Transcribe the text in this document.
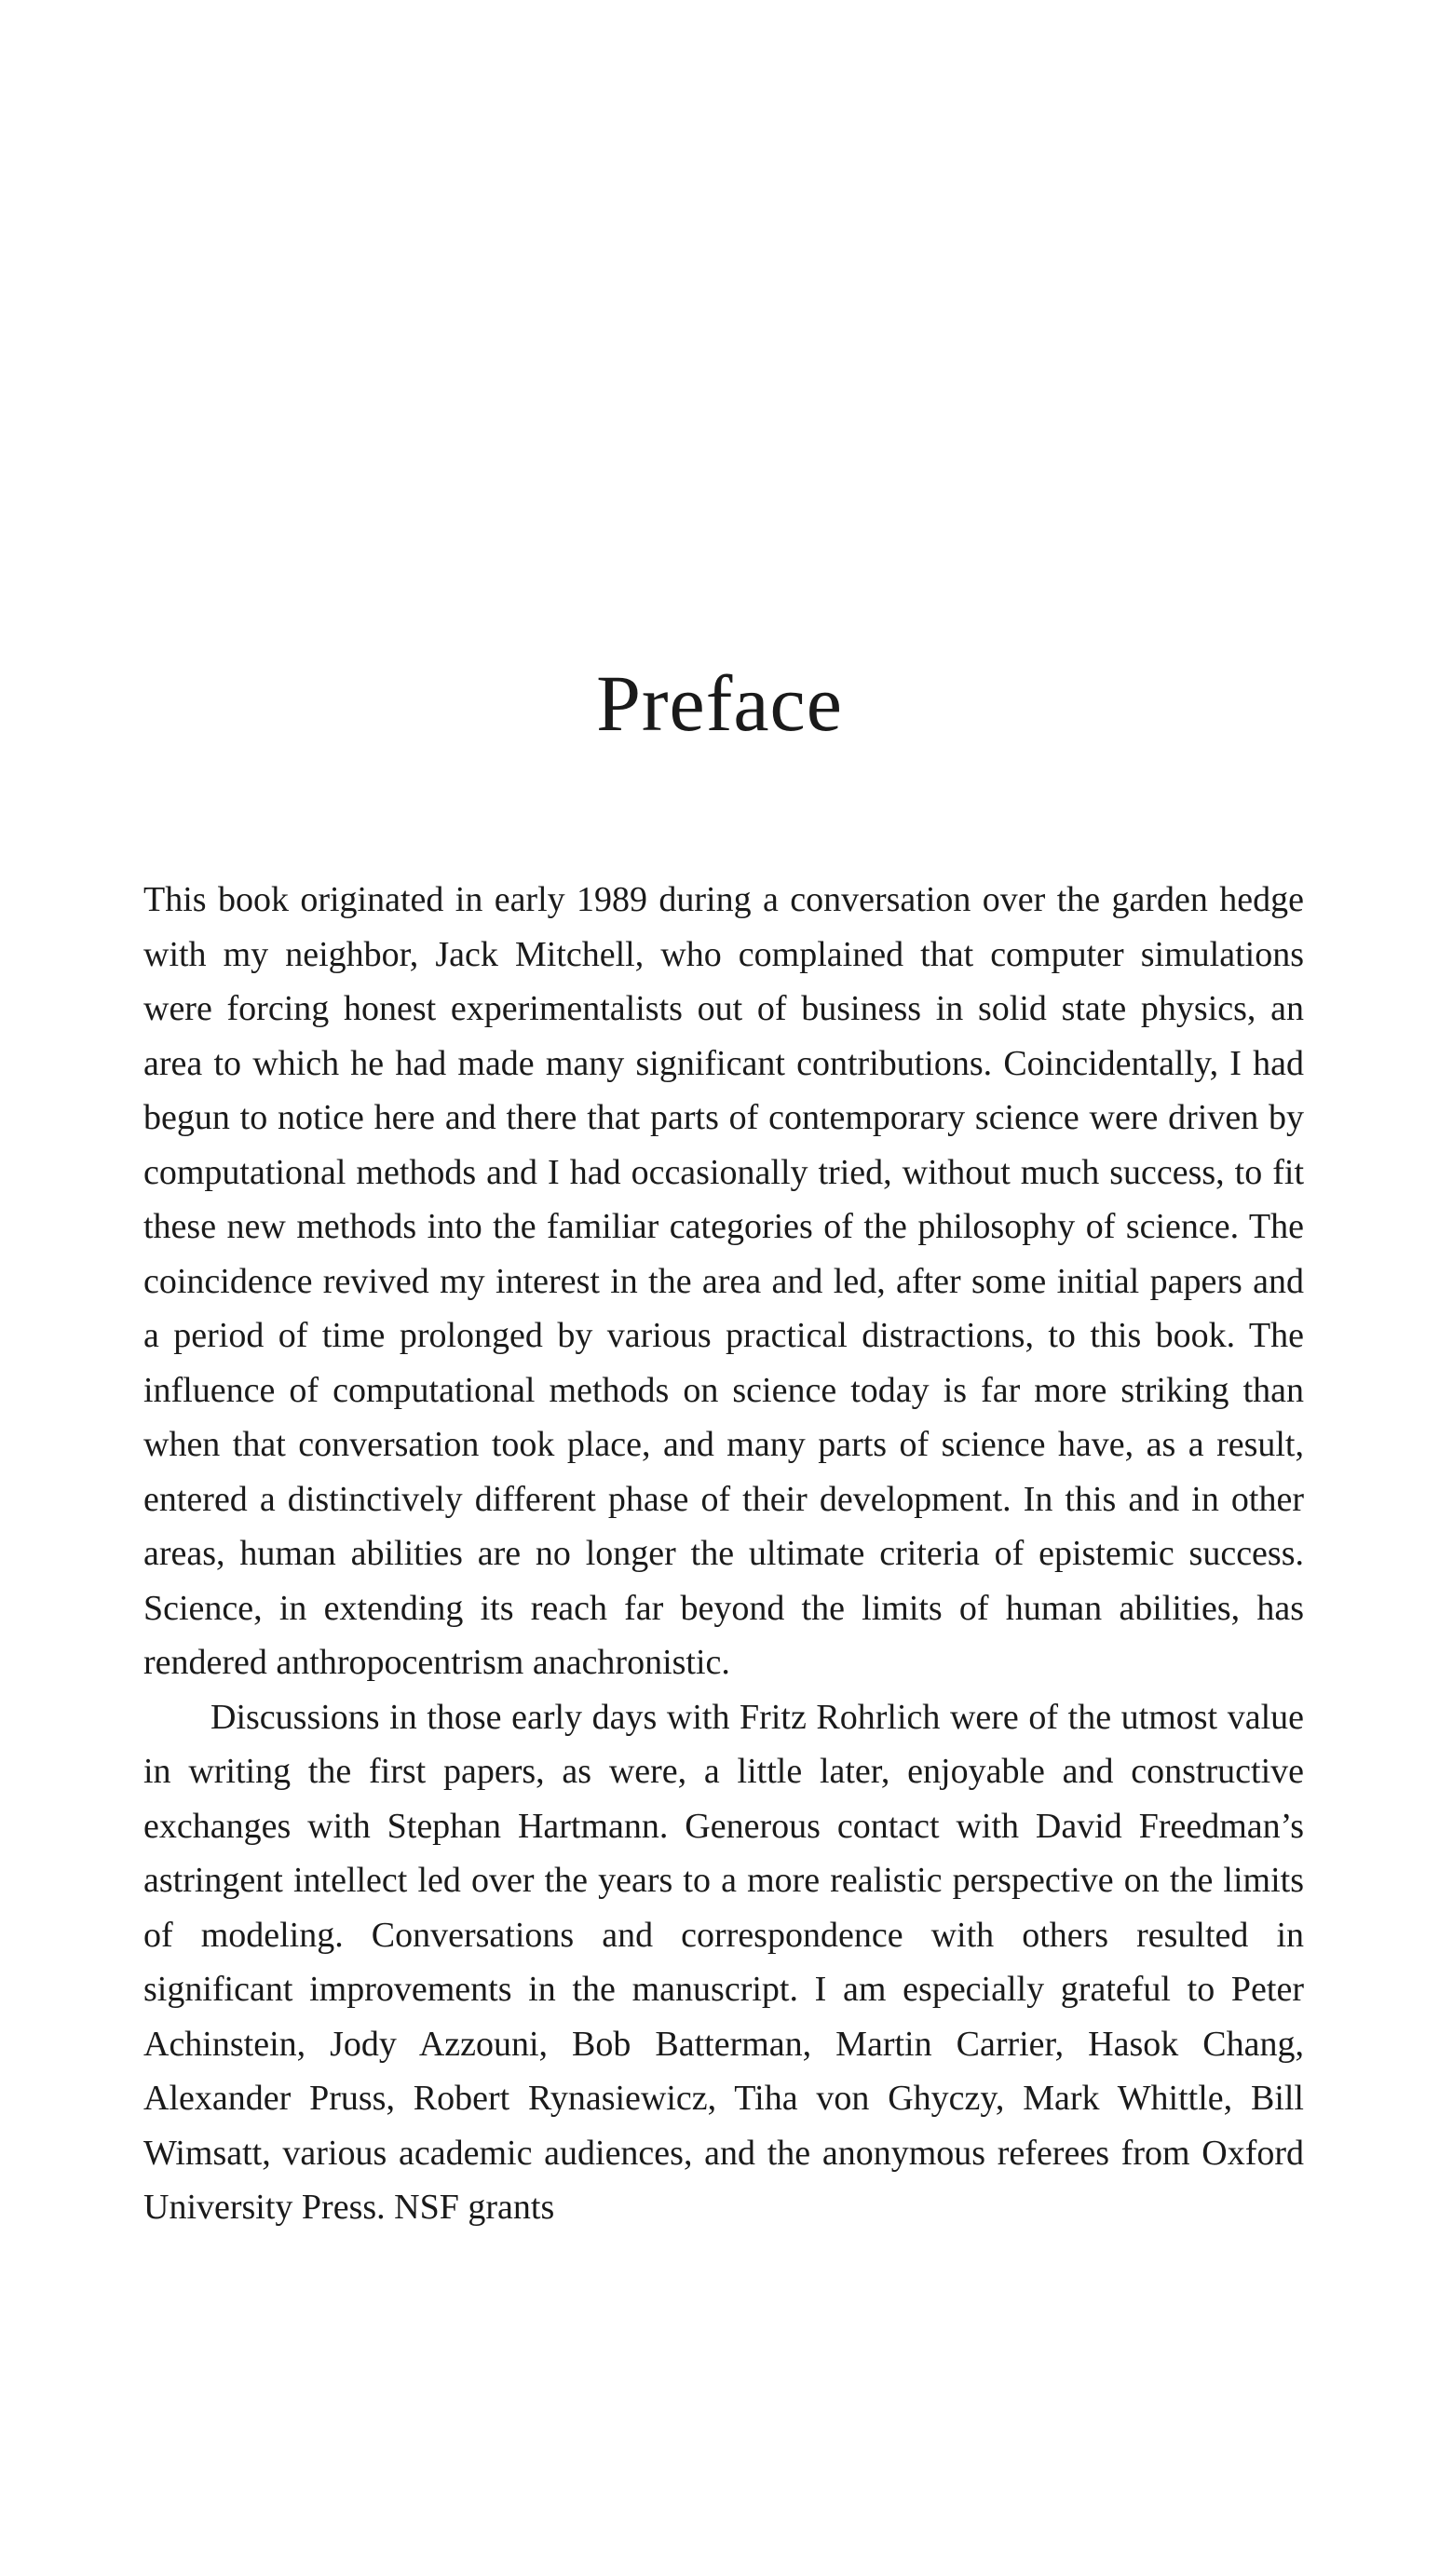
Preface

This book originated in early 1989 during a conversation over the garden hedge with my neighbor, Jack Mitchell, who complained that computer simulations were forcing honest experimentalists out of business in solid state physics, an area to which he had made many significant contributions. Coincidentally, I had begun to notice here and there that parts of contemporary science were driven by computational methods and I had occasionally tried, without much success, to fit these new methods into the familiar categories of the philosophy of science. The coincidence revived my interest in the area and led, after some initial papers and a period of time prolonged by various practical distractions, to this book. The influence of computational methods on science today is far more striking than when that conversation took place, and many parts of science have, as a result, entered a distinctively different phase of their development. In this and in other areas, human abilities are no longer the ultimate criteria of epistemic success. Science, in extending its reach far beyond the limits of human abilities, has rendered anthropocentrism anachronistic.

Discussions in those early days with Fritz Rohrlich were of the utmost value in writing the first papers, as were, a little later, enjoyable and constructive exchanges with Stephan Hartmann. Generous contact with David Freedman’s astringent intellect led over the years to a more realistic perspective on the limits of modeling. Conversations and correspondence with others resulted in significant improvements in the manuscript. I am especially grateful to Peter Achinstein, Jody Azzouni, Bob Batterman, Martin Carrier, Hasok Chang, Alexander Pruss, Robert Rynasiewicz, Tiha von Ghyczy, Mark Whittle, Bill Wimsatt, various academic audiences, and the anonymous referees from Oxford University Press. NSF grants
